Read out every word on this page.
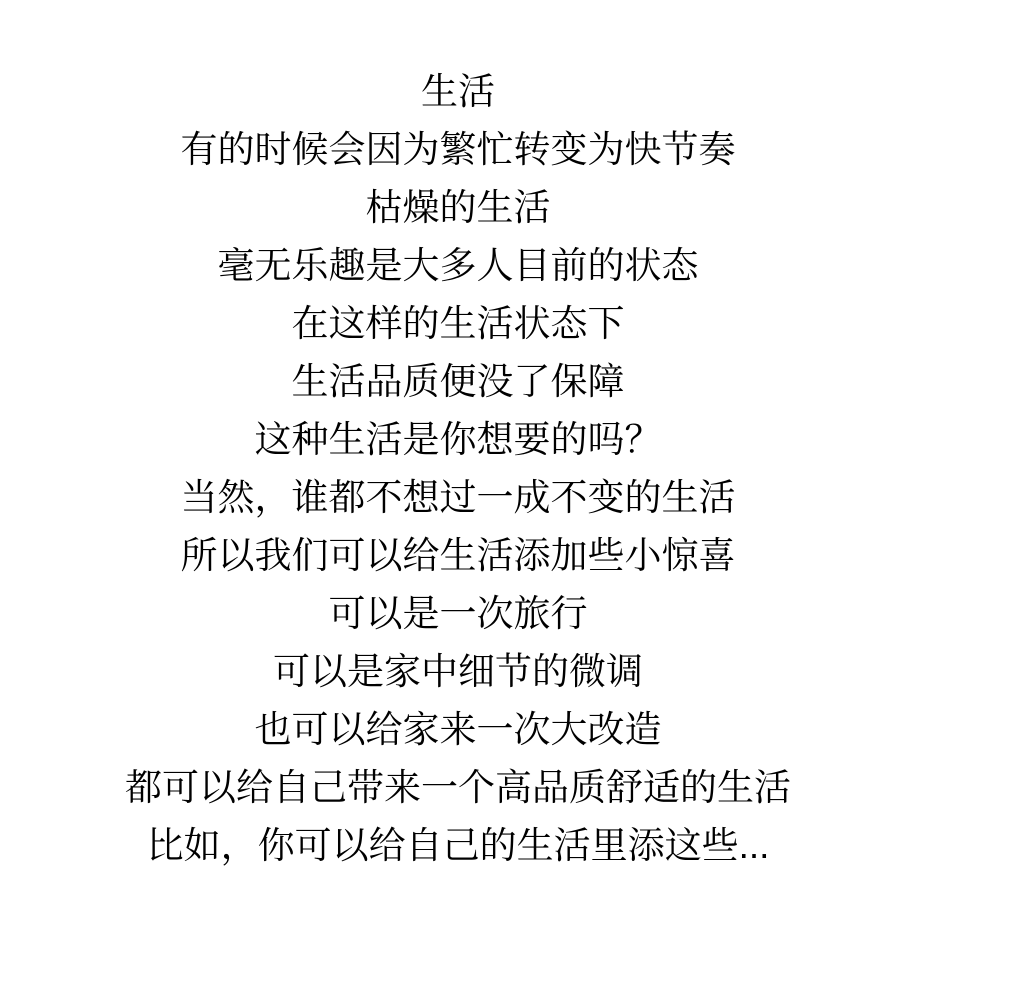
生活
有的时候会因为繁忙转变为快节奏
枯燥的生活
毫无乐趣是大多人目前的状态
在这样的生活状态下
生活品质便没了保障
这种生活是你想要的吗？
当然，谁都不想过一成不变的生活
所以我们可以给生活添加些小惊喜
可以是一次旅行
可以是家中细节的微调
也可以给家来一次大改造
都可以给自己带来一个高品质舒适的生活
比如，你可以给自己的生活里添这些...
